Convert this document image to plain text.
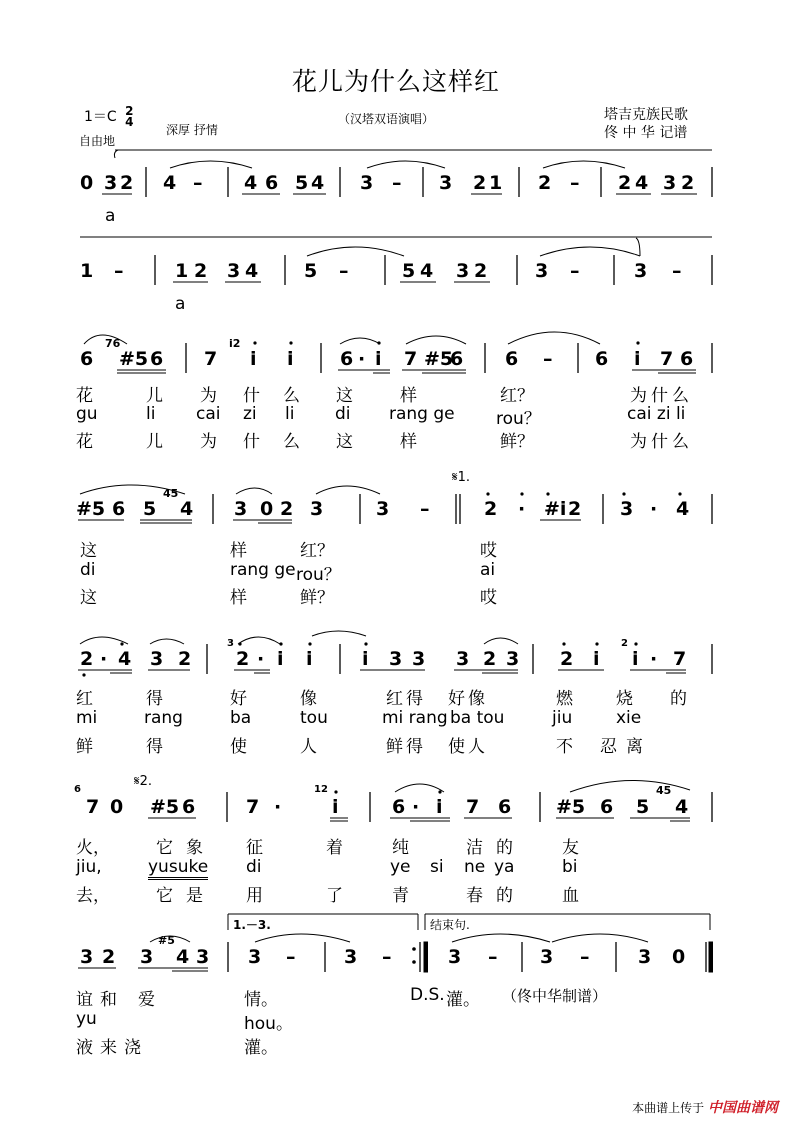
花儿为什么这样红
1＝C 2
4
自由地
深厚 抒情
（汉塔双语演唱）	塔吉克族民歌
佟 中 华 记谱
0 3 2 4 – 4 6 5 4 3 – 3 2 1 2 – 2 4 3 2
a
1 –	1 2 3 4 5 –	5 4 3 2	3 –	3 –
a
6
76
#5 6 7
i2
i i 6 · i 7 #5
6 6 – 6 i 7 6
花	儿 为 什 么 这	样	红？	为什么
gu	li cai zi li di rang ge rou？	cai zi li
花	儿 为 什 么 这	样	鲜？	为什么
#5 6 5
45
4 3 0 2 3	3 –	2 · #i 2 3 · 4
𝄋1.
这	样	红？	哎
di	rang ge rou？	ai
这	样	鲜？	哎
2 · 4 3 2
3
2 · i i	i 3 3 3 2 3 2 i
2
i · 7
红	得	好	像	红得 好像	燃	烧 的
mi	rang	ba	tou	mi rang ba tou	jiu	xie
鲜	得	使	人	鲜得 使人	不 忍 离
6
7 0 #5 6	7 ·
12
i	6 · i 7 6 #5 6 5
45
4
𝄋2.
火，	它 象	征	着	纯	洁 的	友
jiu,	yusuke di	ye si ne ya	bi
去，	它 是	用	了	青	春 的	血
3 2 3
#5
4 3 3 –	3 –	3 – 3 –	3 0
1.－3.	结束句.
谊 和 爱	情。	D.S. 灌。 （佟中华制谱）
yu	hou。
液 来 浇	灌。
本曲谱上传于 中国曲谱网
